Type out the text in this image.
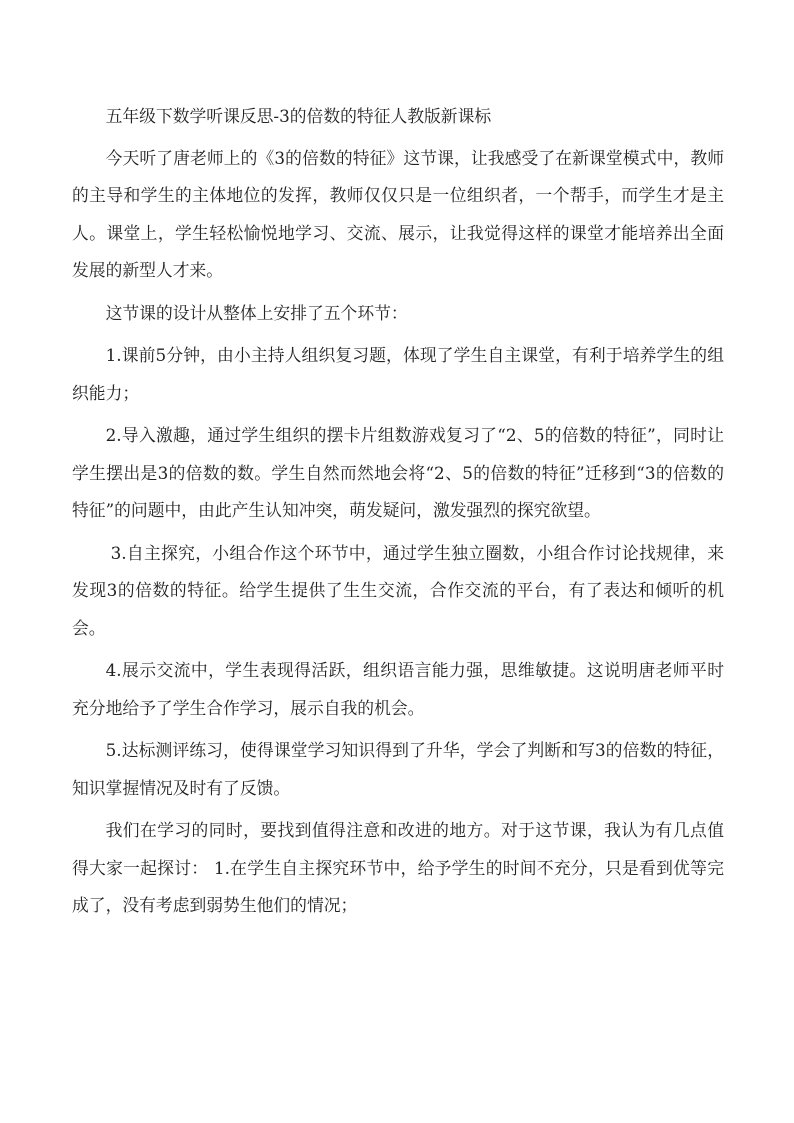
五年级下数学听课反思-3的倍数的特征人教版新课标

今天听了唐老师上的《3的倍数的特征》这节课，让我感受了在新课堂模式中，教师的主导和学生的主体地位的发挥，教师仅仅只是一位组织者，一个帮手，而学生才是主人。课堂上，学生轻松愉悦地学习、交流、展示，让我觉得这样的课堂才能培养出全面发展的新型人才来。

这节课的设计从整体上安排了五个环节：

1.课前5分钟，由小主持人组织复习题，体现了学生自主课堂，有利于培养学生的组织能力；

2.导入激趣，通过学生组织的摆卡片组数游戏复习了“2、5的倍数的特征”，同时让学生摆出是3的倍数的数。学生自然而然地会将“2、5的倍数的特征”迁移到“3的倍数的特征”的问题中，由此产生认知冲突，萌发疑问，激发强烈的探究欲望。

3.自主探究，小组合作这个环节中，通过学生独立圈数，小组合作讨论找规律，来发现3的倍数的特征。给学生提供了生生交流，合作交流的平台，有了表达和倾听的机会。

4.展示交流中，学生表现得活跃，组织语言能力强，思维敏捷。这说明唐老师平时充分地给予了学生合作学习，展示自我的机会。

5.达标测评练习，使得课堂学习知识得到了升华，学会了判断和写3的倍数的特征，知识掌握情况及时有了反馈。

我们在学习的同时，要找到值得注意和改进的地方。对于这节课，我认为有几点值得大家一起探讨： 1.在学生自主探究环节中，给予学生的时间不充分，只是看到优等完成了，没有考虑到弱势生他们的情况；
